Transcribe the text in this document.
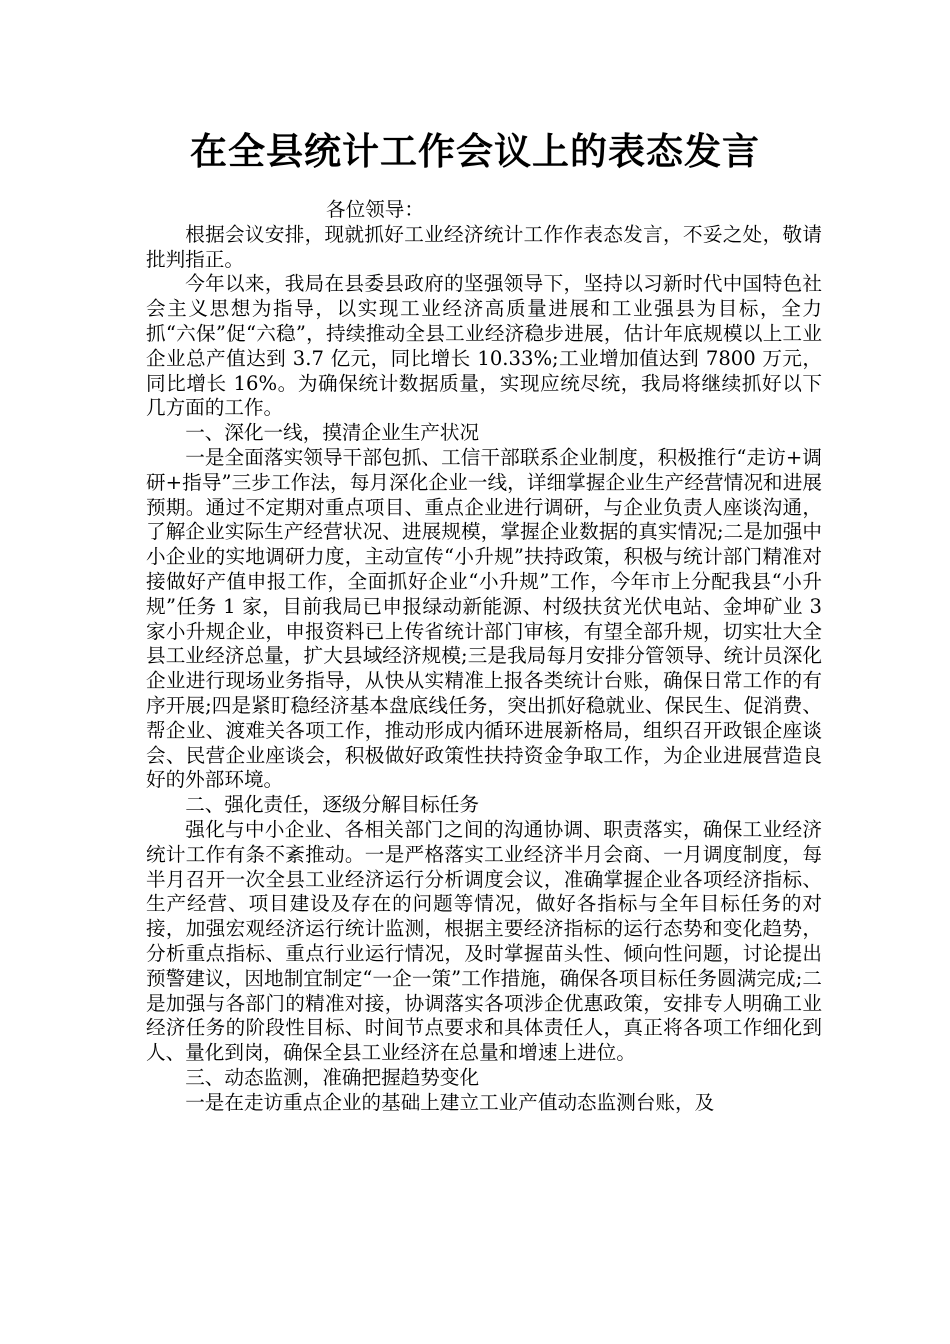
在全县统计工作会议上的表态发言

各位领导：

根据会议安排，现就抓好工业经济统计工作作表态发言，不妥之处，敬请批判指正。

今年以来，我局在县委县政府的坚强领导下，坚持以习新时代中国特色社会主义思想为指导，以实现工业经济高质量进展和工业强县为目标，全力抓“六保”促“六稳”，持续推动全县工业经济稳步进展，估计年底规模以上工业企业总产值达到 3.7 亿元，同比增长 10.33%;工业增加值达到 7800 万元，同比增长 16%。为确保统计数据质量，实现应统尽统，我局将继续抓好以下几方面的工作。

一、深化一线，摸清企业生产状况

一是全面落实领导干部包抓、工信干部联系企业制度，积极推行“走访+调研+指导”三步工作法，每月深化企业一线，详细掌握企业生产经营情况和进展预期。通过不定期对重点项目、重点企业进行调研，与企业负责人座谈沟通，了解企业实际生产经营状况、进展规模，掌握企业数据的真实情况;二是加强中小企业的实地调研力度，主动宣传“小升规”扶持政策，积极与统计部门精准对接做好产值申报工作，全面抓好企业“小升规”工作，今年市上分配我县“小升规”任务 1 家，目前我局已申报绿动新能源、村级扶贫光伏电站、金坤矿业 3 家小升规企业，申报资料已上传省统计部门审核，有望全部升规，切实壮大全县工业经济总量，扩大县域经济规模;三是我局每月安排分管领导、统计员深化企业进行现场业务指导，从快从实精准上报各类统计台账，确保日常工作的有序开展;四是紧盯稳经济基本盘底线任务，突出抓好稳就业、保民生、促消费、帮企业、渡难关各项工作，推动形成内循环进展新格局，组织召开政银企座谈会、民营企业座谈会，积极做好政策性扶持资金争取工作，为企业进展营造良好的外部环境。

二、强化责任，逐级分解目标任务

强化与中小企业、各相关部门之间的沟通协调、职责落实，确保工业经济统计工作有条不紊推动。一是严格落实工业经济半月会商、一月调度制度，每半月召开一次全县工业经济运行分析调度会议，准确掌握企业各项经济指标、生产经营、项目建设及存在的问题等情况，做好各指标与全年目标任务的对接，加强宏观经济运行统计监测，根据主要经济指标的运行态势和变化趋势，分析重点指标、重点行业运行情况，及时掌握苗头性、倾向性问题，讨论提出预警建议，因地制宜制定“一企一策”工作措施，确保各项目标任务圆满完成;二是加强与各部门的精准对接，协调落实各项涉企优惠政策，安排专人明确工业经济任务的阶段性目标、时间节点要求和具体责任人，真正将各项工作细化到人、量化到岗，确保全县工业经济在总量和增速上进位。

三、动态监测，准确把握趋势变化

一是在走访重点企业的基础上建立工业产值动态监测台账，及
